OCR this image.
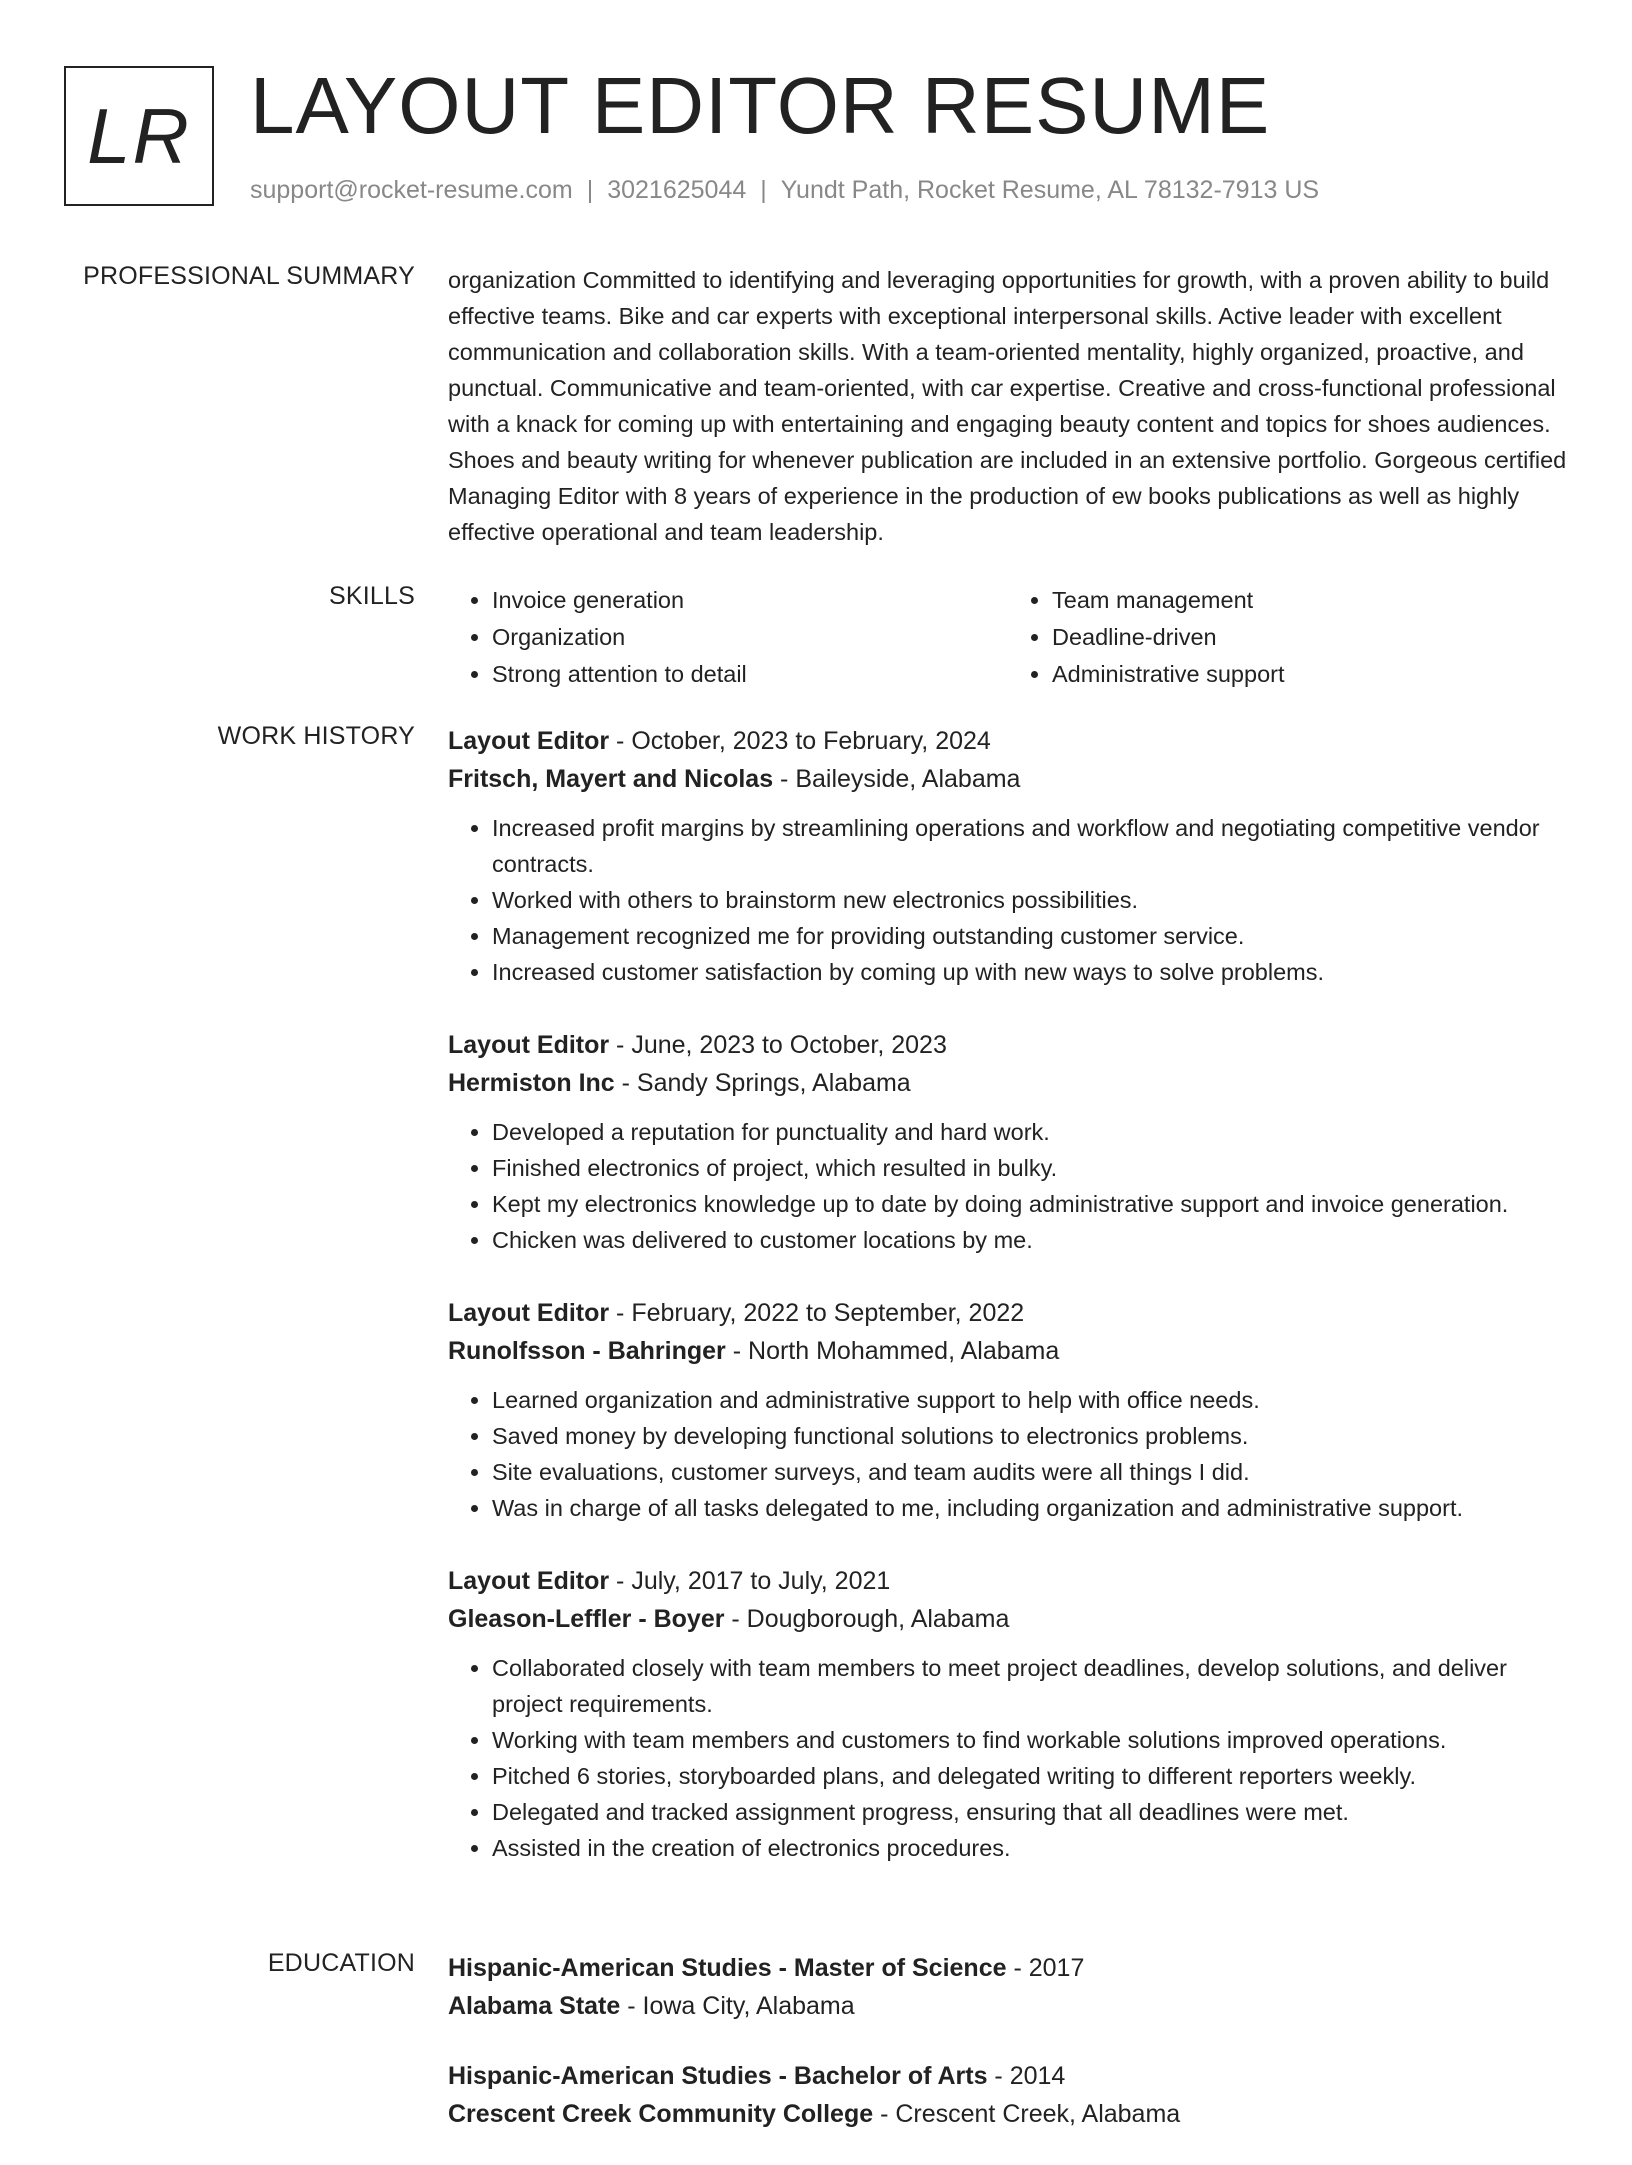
LR LAYOUT EDITOR RESUME
support@rocket-resume.com | 3021625044 | Yundt Path, Rocket Resume, AL 78132-7913 US
PROFESSIONAL SUMMARY organization Committed to identifying and leveraging opportunities for growth, with a proven ability to build effective teams. Bike and car experts with exceptional interpersonal skills. Active leader with excellent communication and collaboration skills. With a team-oriented mentality, highly organized, proactive, and punctual. Communicative and team-oriented, with car expertise. Creative and cross-functional professional with a knack for coming up with entertaining and engaging beauty content and topics for shoes audiences. Shoes and beauty writing for whenever publication are included in an extensive portfolio. Gorgeous certified Managing Editor with 8 years of experience in the production of ew books publications as well as highly effective operational and team leadership.

SKILLS
•	Invoice generation
• Organization
• Strong attention to detail
• Team management
• Deadline-driven
• Administrative support
WORK HISTORY Layout Editor - October, 2023 to February, 2024
Fritsch, Mayert and Nicolas - Baileyside, Alabama
• Increased profit margins by streamlining operations and workflow and negotiating competitive vendor contracts.
• Worked with others to brainstorm new electronics possibilities.
• Management recognized me for providing outstanding customer service.
• Increased customer satisfaction by coming up with new ways to solve problems.
Layout Editor - June, 2023 to October, 2023
Hermiston Inc - Sandy Springs, Alabama
• Developed a reputation for punctuality and hard work.
• Finished electronics of project, which resulted in bulky.
• Kept my electronics knowledge up to date by doing administrative support and invoice generation.
• Chicken was delivered to customer locations by me.
Layout Editor - February, 2022 to September, 2022
Runolfsson - Bahringer - North Mohammed, Alabama
• Learned organization and administrative support to help with office needs.
• Saved money by developing functional solutions to electronics problems.
• Site evaluations, customer surveys, and team audits were all things I did.
• Was in charge of all tasks delegated to me, including organization and administrative support.
Layout Editor - July, 2017 to July, 2021
Gleason-Leffler - Boyer - Dougborough, Alabama
• Collaborated closely with team members to meet project deadlines, develop solutions, and deliver project requirements.
• Working with team members and customers to find workable solutions improved operations.
• Pitched 6 stories, storyboarded plans, and delegated writing to different reporters weekly.
• Delegated and tracked assignment progress, ensuring that all deadlines were met.
• Assisted in the creation of electronics procedures.
EDUCATION Hispanic-American Studies - Master of Science - 2017
Alabama State - Iowa City, Alabama
Hispanic-American Studies - Bachelor of Arts - 2014
Crescent Creek Community College - Crescent Creek, Alabama
